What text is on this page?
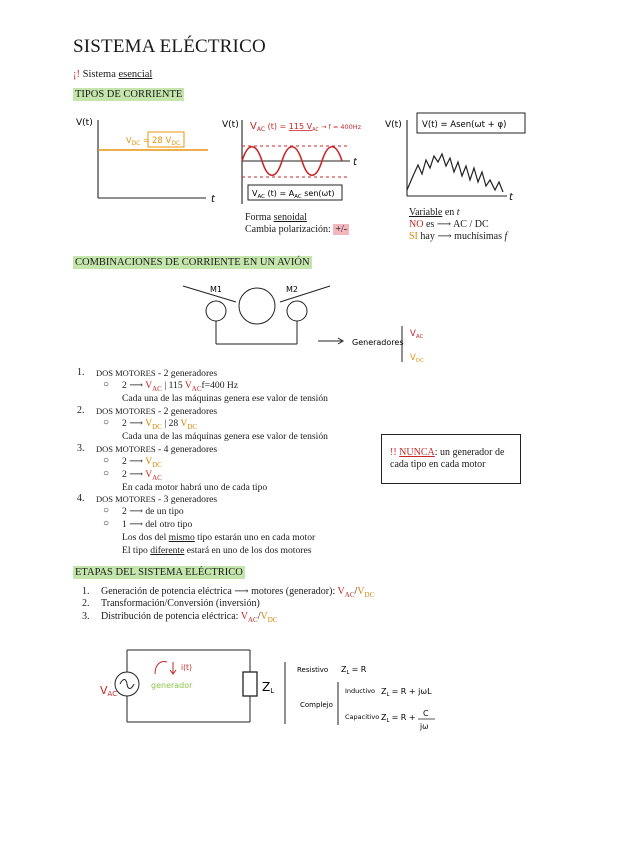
SISTEMA ELÉCTRICO
¡! Sistema esencial
TIPOS DE CORRIENTE
V(t)
t
$V_{DC} = 28$ $V_{DC}$
V(t) $V_{AC}$ $^{(t) =}$ 115 $V_{AC}$ $^{\to f = 400Hz}$
t
$V_{AC}$ $(t) = A_{AC}$ sen(ωt)
Forma senoidal
Cambia polarización: +/-
V(t)
t
V(t) = Asen(ωt + φ)
Variable en t
NO es ⟶ AC / DC
SI hay ⟶ muchísimas f
COMBINACIONES DE CORRIENTE EN UN AVIÓN
M1	M2
Generadores
$V_{AC}$
$V_{DC}$
1. DOS MOTORES - 2 generadores
○ 2 ⟶ $V_{AC}$ | 115 $V_{AC}f=400$ Hz
Cada una de las máquinas genera ese valor de tensión
2. DOS MOTORES - 2 generadores
○ 2 ⟶ $V_{DC}$ | 28 $V_{DC}$
Cada una de las máquinas genera ese valor de tensión
3. DOS MOTORES - 4 generadores
○ 2 ⟶ $V_{DC}$
○ 2 ⟶ $V_{AC}$
En cada motor habrá uno de cada tipo
4. DOS MOTORES - 3 generadores
○ 2 ⟶ de un tipo
○ 1 ⟶ del otro tipo
Los dos del mismo tipo estarán uno en cada motor
El tipo diferente estará en uno de los dos motores
!! NUNCA: un generador de cada tipo en cada motor
ETAPAS DEL SISTEMA ELÉCTRICO
1. Generación de potencia eléctrica ⟶ motores (generador): $V_{AC}/V_{DC}$
2. Transformación/Conversión (inversión)
3. Distribución de potencia eléctrica: $V_{AC}/V_{DC}$
VAC	ZL
i(t)
generador
Resistivo $Z_L = R$
Complejo
Inductivo $Z_L = R + j\omega L$
Capacitivo $Z_L = R + C$
jω
